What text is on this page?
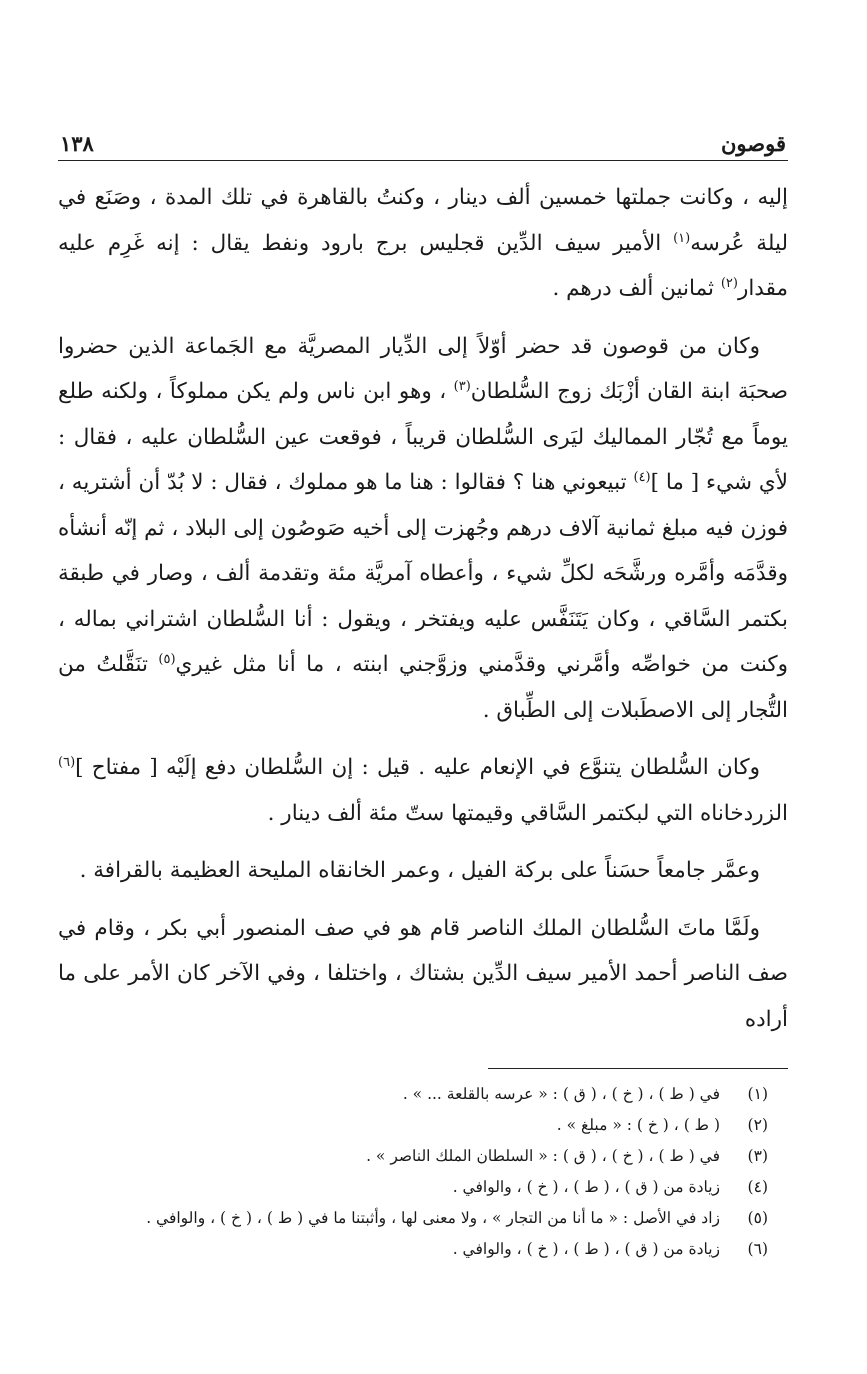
قوصون
١٣٨

إليه ، وكانت جملتها خمسين ألف دينار ، وكنتُ بالقاهرة في تلك المدة ، وصَنَع في ليلة عُرسه$^{(١)}$ الأمير سيف الدِّين قجليس برج بارود ونفط يقال : إنه غَرِم عليه مقدار$^{(٢)}$ ثمانين ألف درهم .

وكان من قوصون قد حضر أوّلاً إلى الدِّيار المصريَّة مع الجَماعة الذين حضروا صحبَة ابنة القان أزْبَك زوج السُّلطان$^{(٣)}$ ، وهو ابن ناس ولم يكن مملوكاً ، ولكنه طلع يوماً مع تُجّار المماليك ليَرى السُّلطان قريباً ، فوقعت عين السُّلطان عليه ، فقال : لأي شيء [ ما ]$^{(٤)}$ تبيعوني هنا ؟ فقالوا : هنا ما هو مملوك ، فقال : لا بُدّ أن أشتريه ، فوزن فيه مبلغ ثمانية آلاف درهم وجُهزت إلى أخيه صَوصُون إلى البلاد ، ثم إنّه أنشأه وقدَّمَه وأمَّره ورشَّحَه لكلِّ شيء ، وأعطاه آمريَّة مئة وتقدمة ألف ، وصار في طبقة بكتمر السَّاقي ، وكان يَتَنَفَّس عليه ويفتخر ، ويقول : أنا السُّلطان اشتراني بماله ، وكنت من خواصِّه وأمَّرني وقدَّمني وزوَّجني ابنته ، ما أنا مثل غيري$^{(٥)}$ تنَقَّلتُ من التُّجار إلى الاصطَبلات إلى الطِّباق .

وكان السُّلطان يتنوَّع في الإنعام عليه . قيل : إن السُّلطان دفع إلَيْه [ مفتاح ]$^{(٦)}$ الزردخاناه التي لبكتمر السَّاقي وقيمتها ستّ مئة ألف دينار .

وعمَّر جامعاً حسَناً على بركة الفيل ، وعمر الخانقاه المليحة العظيمة بالقرافة .

ولَمَّا ماتَ السُّلطان الملك الناصر قام هو في صف المنصور أبي بكر ، وقام في صف الناصر أحمد الأمير سيف الدِّين بشتاك ، واختلفا ، وفي الآخر كان الأمر على ما أراده

(١)
في ( ط ) ، ( خ ) ، ( ق ) : « عرسه بالقلعة ... » .
(٢)
( ط ) ، ( خ ) : « مبلغ » .
(٣)
في ( ط ) ، ( خ ) ، ( ق ) : « السلطان الملك الناصر » .
(٤)
زيادة من ( ق ) ، ( ط ) ، ( خ ) ، والوافي .
(٥)
زاد في الأصل : « ما أنا من التجار » ، ولا معنى لها ، وأثبتنا ما في ( ط ) ، ( خ ) ، والوافي .
(٦)
زيادة من ( ق ) ، ( ط ) ، ( خ ) ، والوافي .
